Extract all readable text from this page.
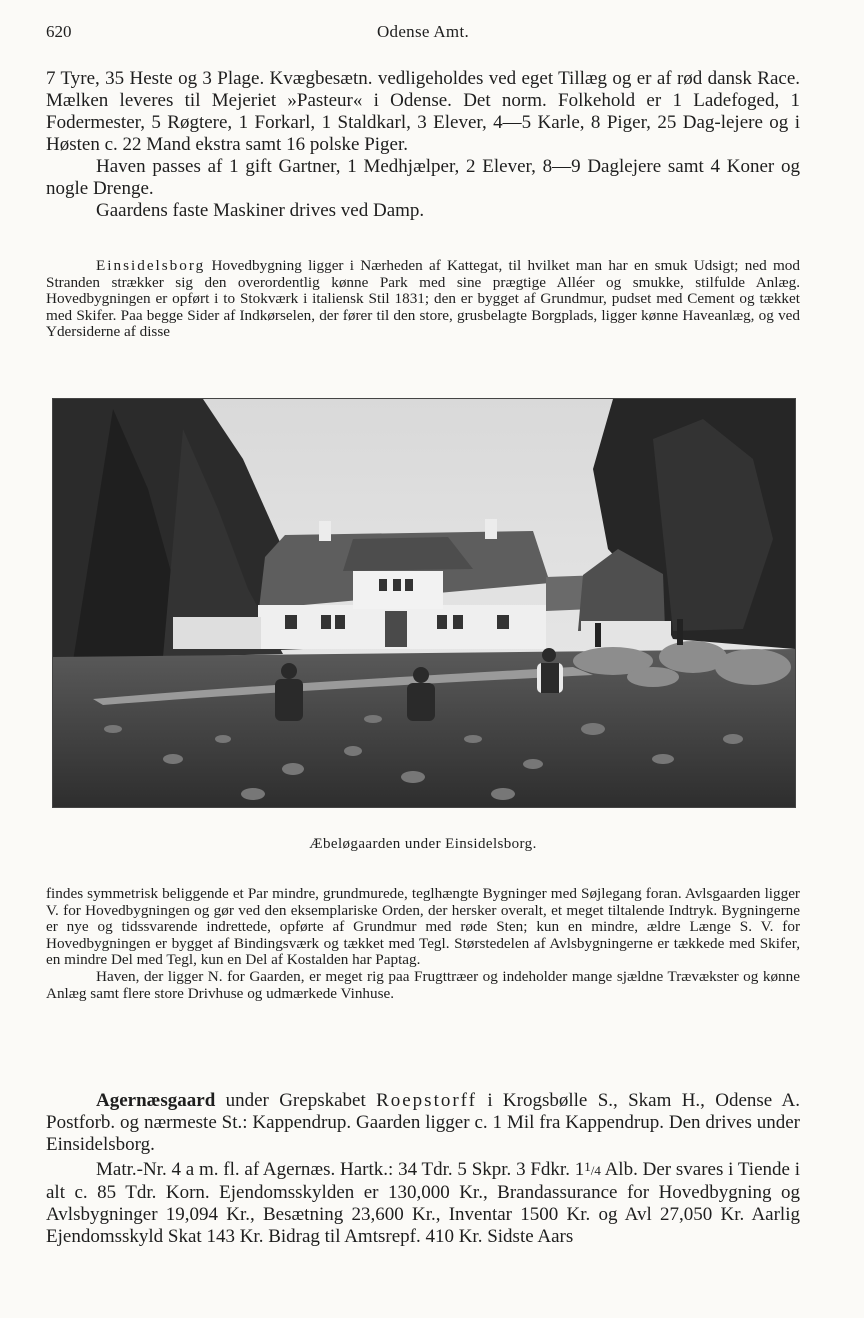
620	Odense Amt.

7 Tyre, 35 Heste og 3 Plage. Kvægbesætn. vedligeholdes ved eget Tillæg og er af rød dansk Race. Mælken leveres til Mejeriet »Pasteur« i Odense. Det norm. Folkehold er 1 Ladefoged, 1 Fodermester, 5 Røgtere, 1 Forkarl, 1 Staldkarl, 3 Elever, 4—5 Karle, 8 Piger, 25 Dag-lejere og i Høsten c. 22 Mand ekstra samt 16 polske Piger.

Haven passes af 1 gift Gartner, 1 Medhjælper, 2 Elever, 8—9 Daglejere samt 4 Koner og nogle Drenge.

Gaardens faste Maskiner drives ved Damp.

Einsidelsborg Hovedbygning ligger i Nærheden af Kattegat, til hvilket man har en smuk Udsigt; ned mod Stranden strækker sig den overordentlig kønne Park med sine prægtige Alléer og smukke, stilfulde Anlæg. Hovedbygningen er opført i to Stokværk i italiensk Stil 1831; den er bygget af Grundmur, pudset med Cement og tækket med Skifer. Paa begge Sider af Indkørselen, der fører til den store, grusbelagte Borgplads, ligger kønne Haveanlæg, og ved Ydersiderne af disse

Æbeløgaarden under Einsidelsborg.

findes symmetrisk beliggende et Par mindre, grundmurede, teglhængte Bygninger med Søjlegang foran. Avlsgaarden ligger V. for Hovedbygningen og gør ved den eksemplariske Orden, der hersker overalt, et meget tiltalende Indtryk. Bygningerne er nye og tidssvarende indrettede, opførte af Grundmur med røde Sten; kun en mindre, ældre Længe S. V. for Hovedbygningen er bygget af Bindingsværk og tækket med Tegl. Størstedelen af Avlsbygningerne er tækkede med Skifer, en mindre Del med Tegl, kun en Del af Kostalden har Paptag.

Haven, der ligger N. for Gaarden, er meget rig paa Frugttræer og indeholder mange sjældne Trævækster og kønne Anlæg samt flere store Drivhuse og udmærkede Vinhuse.

Agernæsgaard under Grepskabet Roepstorff i Krogsbølle S., Skam H., Odense A. Postforb. og nærmeste St.: Kappendrup. Gaarden ligger c. 1 Mil fra Kappendrup. Den drives under Einsidelsborg.

Matr.-Nr. 4 a m. fl. af Agernæs. Hartk.: 34 Tdr. 5 Skpr. 3 Fdkr. $1^1/4$ Alb. Der svares i Tiende i alt c. 85 Tdr. Korn. Ejendomsskylden er 130,000 Kr., Brandassurance for Hovedbygning og Avlsbygninger 19,094 Kr., Besætning 23,600 Kr., Inventar 1500 Kr. og Avl 27,050 Kr. Aarlig Ejendomsskyld Skat 143 Kr. Bidrag til Amtsrepf. 410 Kr. Sidste Aars
